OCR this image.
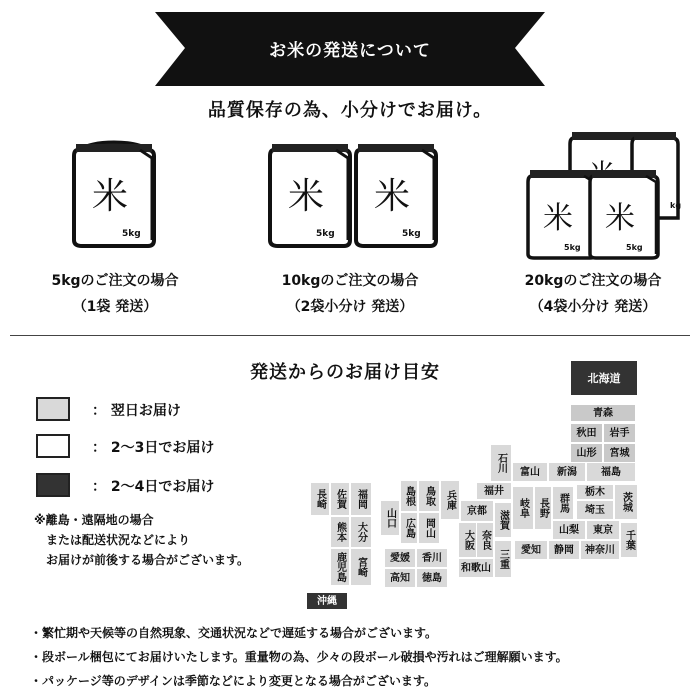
お米の発送について
品質保存の為、小分けでお届け。
米
5kg
米
5kg
米
5kg
kg
米
5kg
米
5kg
5kgのご注文の場合
（1袋 発送）
10kgのご注文の場合
（2袋小分け 発送）
20kgのご注文の場合
（4袋小分け 発送）
発送からのお届け目安
： 翌日お届け
： 2～3日でお届け
： 2～4日でお届け
※離島・遠隔地の場合
または配送状況などにより
お届けが前後する場合がございます。
北海道
青森
秋田	岩手
山形	宮城
石川	富山	新潟	福島
福井
岐阜 長野 群馬
栃木
埼玉	茨城
山梨	東京	千葉
愛知	静岡	神奈川
京都	滋賀
兵庫
大阪 奈良
三重
和歌山
島根 鳥取
山口 広島 岡山
愛媛	香川
高知	徳島
長崎 佐賀	福岡
熊本	大分
鹿児島	宮崎
沖縄
・繁忙期や天候等の自然現象、交通状況などで遅延する場合がございます。
・段ボール梱包にてお届けいたします。重量物の為、少々の段ボール破損や汚れはご理解願います。
・パッケージ等のデザインは季節などにより変更となる場合がございます。
